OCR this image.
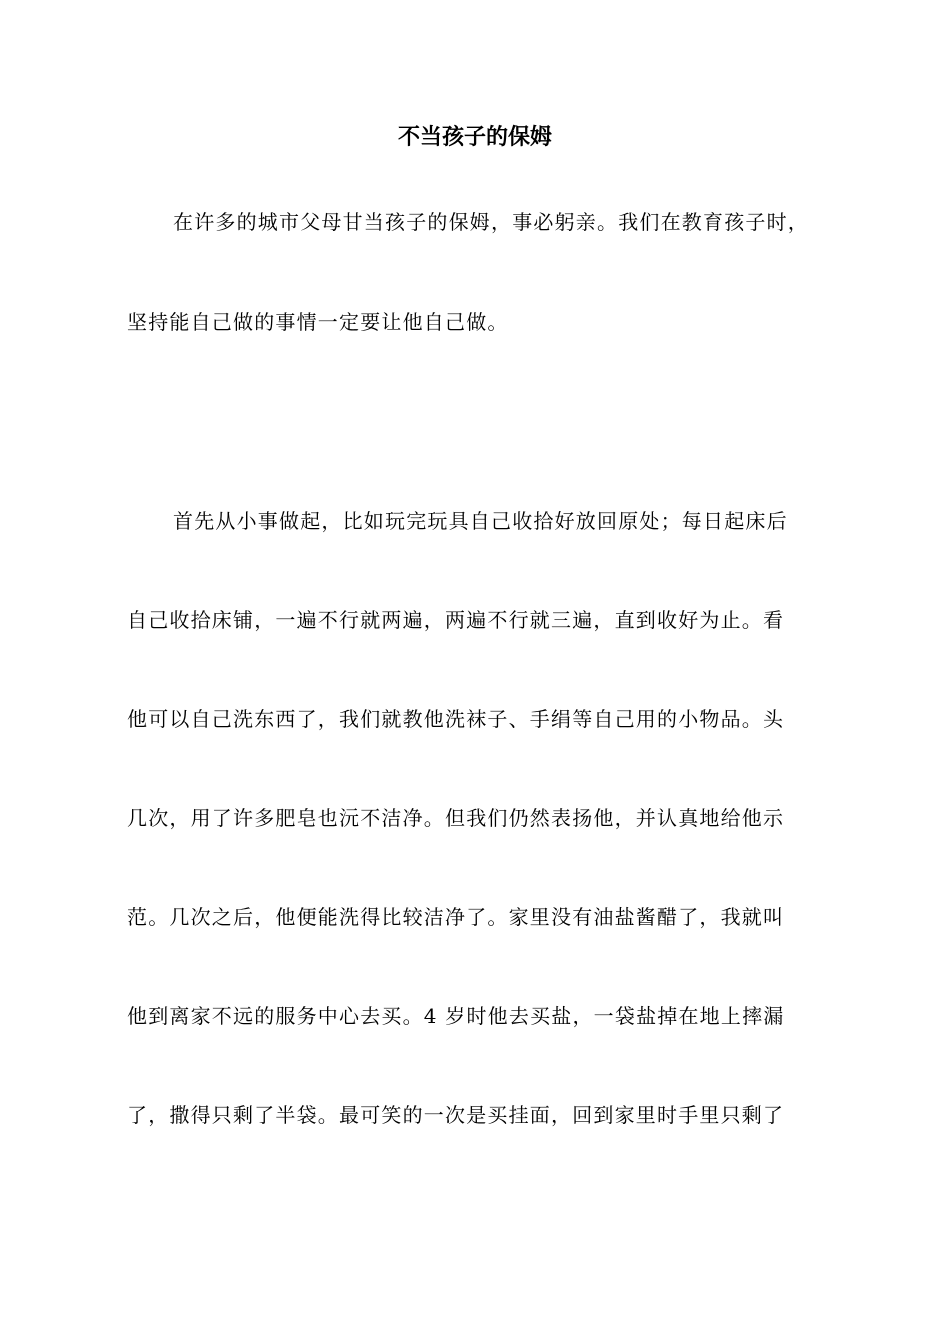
不当孩子的保姆
在许多的城市父母甘当孩子的保姆，事必躬亲。我们在教育孩子时，
坚持能自己做的事情一定要让他自己做。
首先从小事做起，比如玩完玩具自己收拾好放回原处；每日起床后
自己收拾床铺，一遍不行就两遍，两遍不行就三遍，直到收好为止。看
他可以自己洗东西了，我们就教他洗袜子、手绢等自己用的小物品。头
几次，用了许多肥皂也沅不洁净。但我们仍然表扬他，并认真地给他示
范。几次之后，他便能洗得比较洁净了。家里没有油盐酱醋了，我就叫
他到离家不远的服务中心去买。4 岁时他去买盐，一袋盐掉在地上摔漏
了，撒得只剩了半袋。最可笑的一次是买挂面，回到家里时手里只剩了
